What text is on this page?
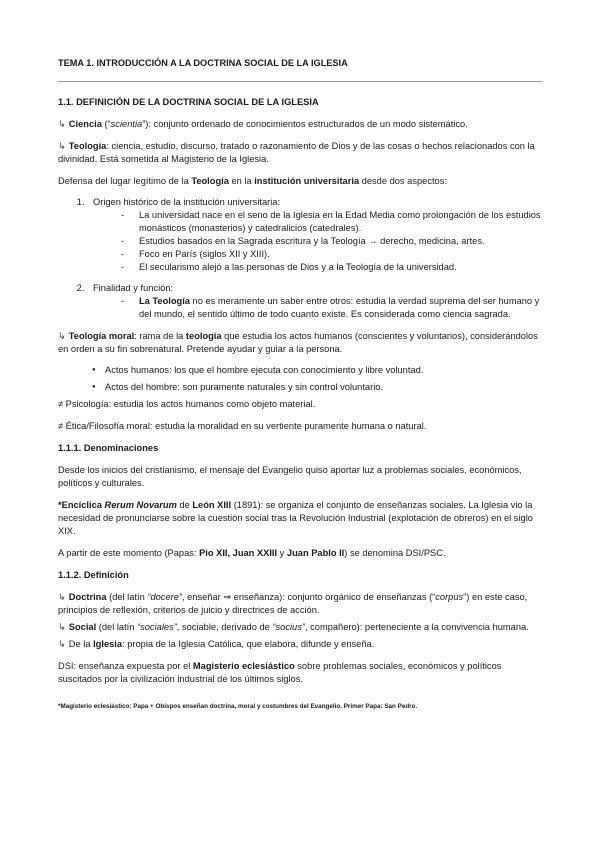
TEMA 1. INTRODUCCIÓN A LA DOCTRINA SOCIAL DE LA IGLESIA
1.1. DEFINICIÓN DE LA DOCTRINA SOCIAL DE LA IGLESIA

↳ Ciencia (“scientia”): conjunto ordenado de conocimientos estructurados de un modo sistemático.

↳ Teología: ciencia, estudio, discurso, tratado o razonamiento de Dios y de las cosas o hechos relacionados con la divinidad. Está sometida al Magisterio de la Iglesia.

Defensa del lugar legítimo de la Teología en la institución universitaria desde dos aspectos:

1. Origen histórico de la institución universitaria:
- La universidad nace en el seno de la Iglesia en la Edad Media como prolongación de los estudios monásticos (monasterios) y catedralicios (catedrales).
- Estudios basados en la Sagrada escritura y la Teología → derecho, medicina, artes.
- Foco en París (siglos XII y XIII).
- El secularismo alejó a las personas de Dios y a la Teología de la universidad.
2. Finalidad y función:
- La Teología no es meramente un saber entre otros: estudia la verdad suprema del ser humano y del mundo, el sentido último de todo cuanto existe. Es considerada como ciencia sagrada.

↳ Teología moral: rama de la teología que estudia los actos humanos (conscientes y voluntarios), considerándolos en orden a su fin sobrenatural. Pretende ayudar y guiar a la persona.

● Actos humanos: los que el hombre ejecuta con conocimiento y libre voluntad.
● Actos del hombre: son puramente naturales y sin control voluntario.

≠ Psicología: estudia los actos humanos como objeto material.

≠ Ética/Filosofía moral: estudia la moralidad en su vertiente puramente humana o natural.

1.1.1. Denominaciones

Desde los inicios del cristianismo, el mensaje del Evangelio quiso aportar luz a problemas sociales, económicos, políticos y culturales.

*Encíclica Rerum Novarum de León XIII (1891): se organiza el conjunto de enseñanzas sociales. La Iglesia vio la necesidad de pronunciarse sobre la cuestión social tras la Revolución Industrial (explotación de obreros) en el siglo XIX.

A partir de este momento (Papas: Pio XII, Juan XXIII y Juan Pablo II) se denomina DSI/PSC.

1.1.2. Definición

↳ Doctrina (del latín “docere”, enseñar ⇒ enseñanza): conjunto orgánico de enseñanzas (“corpus”) en este caso, principios de reflexión, criterios de juicio y directrices de acción.

↳ Social (del latín “sociales”, sociable, derivado de “socius”, compañero): perteneciente a la convivencia humana.

↳ De la Iglesia: propia de la Iglesia Católica, que elabora, difunde y enseña.

DSI: enseñanza expuesta por el Magisterio eclesiástico sobre problemas sociales, económicos y políticos suscitados por la civilización industrial de los últimos siglos.

*Magisterio eclesiástico: Papa + Obispos enseñan doctrina, moral y costumbres del Evangelio. Primer Papa: San Pedro.
